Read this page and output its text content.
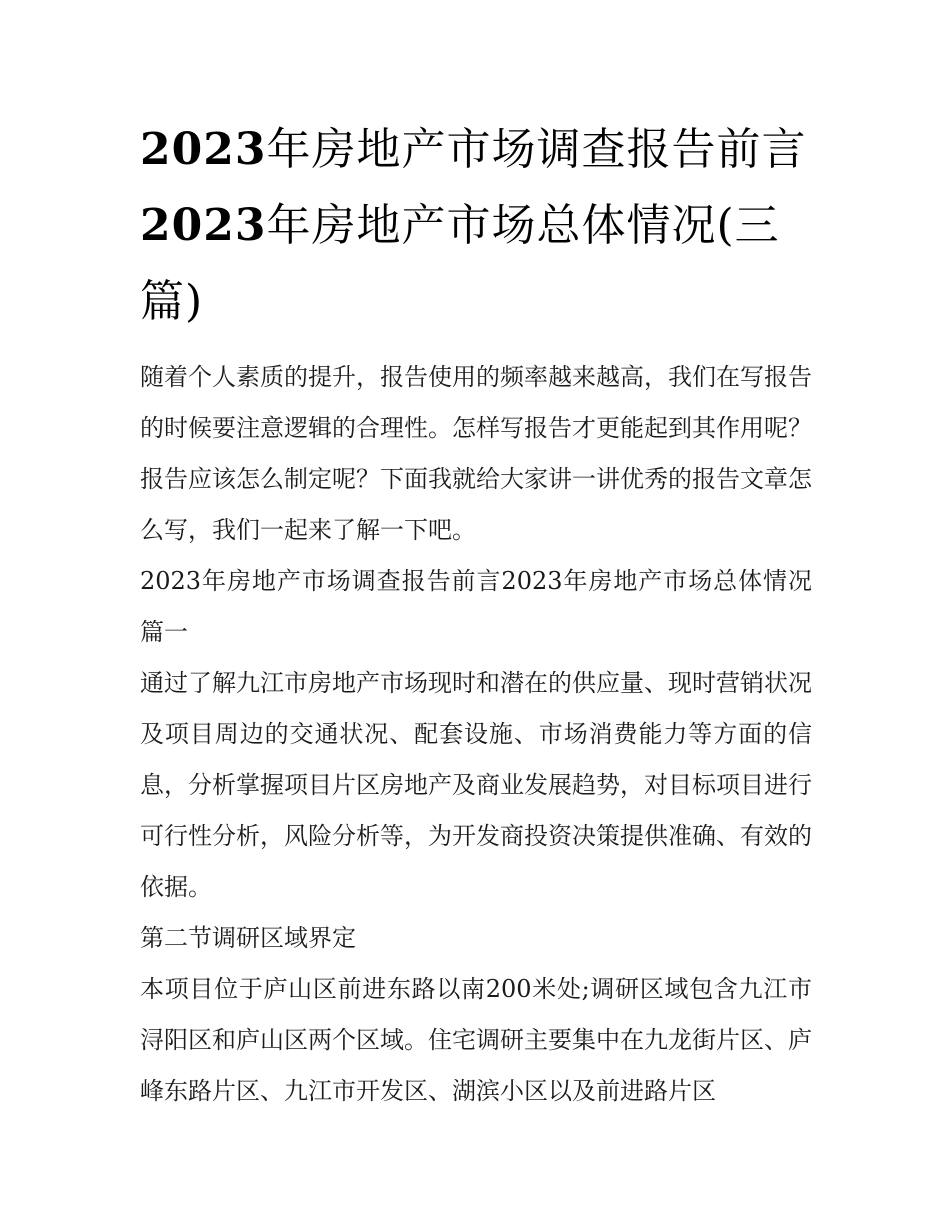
2023年房地产市场调查报告前言2023年房地产市场总体情况(三篇)

随着个人素质的提升，报告使用的频率越来越高，我们在写报告的时候要注意逻辑的合理性。怎样写报告才更能起到其作用呢？报告应该怎么制定呢？下面我就给大家讲一讲优秀的报告文章怎么写，我们一起来了解一下吧。

2023年房地产市场调查报告前言2023年房地产市场总体情况篇一

通过了解九江市房地产市场现时和潜在的供应量、现时营销状况及项目周边的交通状况、配套设施、市场消费能力等方面的信息，分析掌握项目片区房地产及商业发展趋势，对目标项目进行可行性分析，风险分析等，为开发商投资决策提供准确、有效的依据。

第二节调研区域界定

本项目位于庐山区前进东路以南200米处;调研区域包含九江市浔阳区和庐山区两个区域。住宅调研主要集中在九龙街片区、庐峰东路片区、九江市开发区、湖滨小区以及前进路片区
